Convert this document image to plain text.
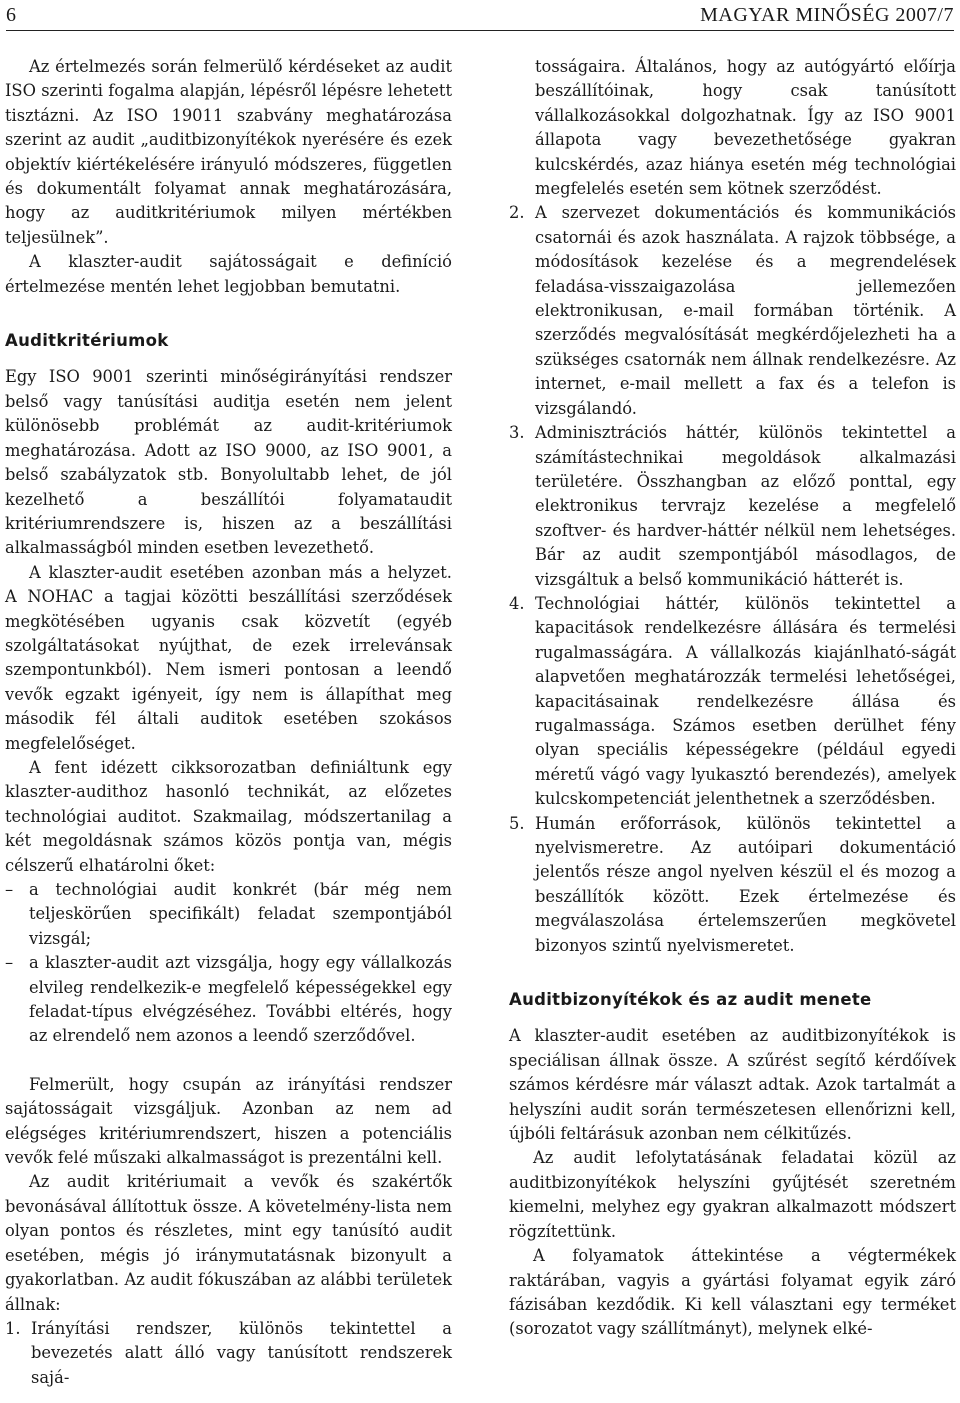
6	MAGYAR MINŐSÉG 2007/7

Az értelmezés során felmerülő kérdéseket az audit ISO szerinti fogalma alapján, lépésről lépésre lehetett tisztázni. Az ISO 19011 szabvány meghatározása szerint az audit „auditbizonyítékok nyerésére és ezek objektív kiértékelésére irányuló módszeres, független és dokumentált folyamat annak meghatározására, hogy az auditkritériumok milyen mértékben teljesülnek”.

A klaszter-audit sajátosságait e definíció értelmezése mentén lehet legjobban bemutatni.

Auditkritériumok

Egy ISO 9001 szerinti minőségirányítási rendszer belső vagy tanúsítási auditja esetén nem jelent különösebb problémát az audit-kritériumok meghatározása. Adott az ISO 9000, az ISO 9001, a belső szabályzatok stb. Bonyolultabb lehet, de jól kezelhető a beszállítói folyamataudit kritériumrendszere is, hiszen az a beszállítási alkalmasságból minden esetben levezethető.

A klaszter-audit esetében azonban más a helyzet. A NOHAC a tagjai közötti beszállítási szerződések megkötésében ugyanis csak közvetít (egyéb szolgáltatásokat nyújthat, de ezek irrelevánsak szempontunkból). Nem ismeri pontosan a leendő vevők egzakt igényeit, így nem is állapíthat meg második fél általi auditok esetében szokásos megfelelőséget.

A fent idézett cikksorozatban definiáltunk egy klaszter-audithoz hasonló technikát, az előzetes technológiai auditot. Szakmailag, módszertanilag a két megoldásnak számos közös pontja van, mégis célszerű elhatárolni őket:

– a technológiai audit konkrét (bár még nem teljeskörűen specifikált) feladat szempontjából vizsgál;
– a klaszter-audit azt vizsgálja, hogy egy vállalkozás elvileg rendelkezik-e megfelelő képességekkel egy feladat-típus elvégzéséhez. További eltérés, hogy az elrendelő nem azonos a leendő szerződővel.

Felmerült, hogy csupán az irányítási rendszer sajátosságait vizsgáljuk. Azonban az nem ad elégséges kritériumrendszert, hiszen a potenciális vevők felé műszaki alkalmasságot is prezentálni kell.

Az audit kritériumait a vevők és szakértők bevonásával állítottuk össze. A követelmény-lista nem olyan pontos és részletes, mint egy tanúsító audit esetében, mégis jó iránymutatásnak bizonyult a gyakorlatban. Az audit fókuszában az alábbi területek állnak:

1. Irányítási rendszer, különös tekintettel a bevezetés alatt álló vagy tanúsított rendszerek sajá-

tosságaira. Általános, hogy az autógyártó előírja beszállítóinak, hogy csak tanúsított vállalkozásokkal dolgozhatnak. Így az ISO 9001 állapota vagy bevezethetősége gyakran kulcskérdés, azaz hiánya esetén még technológiai megfelelés esetén sem kötnek szerződést.

2. A szervezet dokumentációs és kommunikációs csatornái és azok használata. A rajzok többsége, a módosítások kezelése és a megrendelések feladása-visszaigazolása jellemezően elektronikusan, e-mail formában történik. A szerződés megvalósítását megkérdőjelezheti ha a szükséges csatornák nem állnak rendelkezésre. Az internet, e-mail mellett a fax és a telefon is vizsgálandó.
3. Adminisztrációs háttér, különös tekintettel a számítástechnikai megoldások alkalmazási területére. Összhangban az előző ponttal, egy elektronikus tervrajz kezelése a megfelelő szoftver- és hardver-háttér nélkül nem lehetséges. Bár az audit szempontjából másodlagos, de vizsgáltuk a belső kommunikáció hátterét is.
4. Technológiai háttér, különös tekintettel a kapacitások rendelkezésre állására és termelési rugalmasságára. A vállalkozás kiajánlható-ságát alapvetően meghatározzák termelési lehetőségei, kapacitásainak rendelkezésre állása és rugalmassága. Számos esetben derülhet fény olyan speciális képességekre (például egyedi méretű vágó vagy lyukasztó berendezés), amelyek kulcskompetenciát jelenthetnek a szerződésben.
5. Humán erőforrások, különös tekintettel a nyelvismeretre. Az autóipari dokumentáció jelentős része angol nyelven készül el és mozog a beszállítók között. Ezek értelmezése és megválaszolása értelemszerűen megkövetel bizonyos szintű nyelvismeretet.
Auditbizonyítékok és az audit menete

A klaszter-audit esetében az auditbizonyítékok is speciálisan állnak össze. A szűrést segítő kérdőívek számos kérdésre már választ adtak. Azok tartalmát a helyszíni audit során természetesen ellenőrizni kell, újbóli feltárásuk azonban nem célkitűzés.

Az audit lefolytatásának feladatai közül az auditbizonyítékok helyszíni gyűjtését szeretném kiemelni, melyhez egy gyakran alkalmazott módszert rögzítettünk.

A folyamatok áttekintése a végtermékek raktárában, vagyis a gyártási folyamat egyik záró fázisában kezdődik. Ki kell választani egy terméket (sorozatot vagy szállítmányt), melynek elké-
